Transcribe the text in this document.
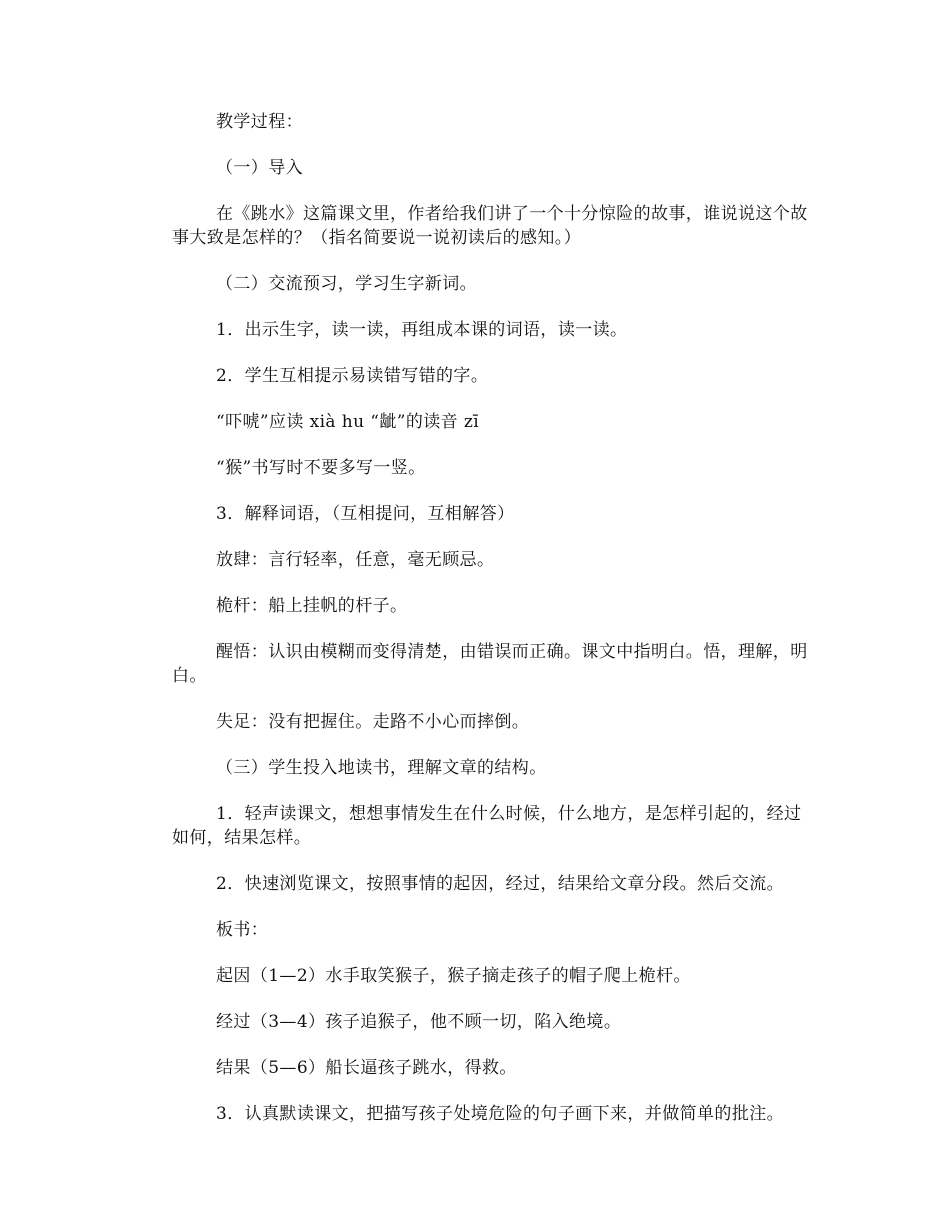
教学过程：

（一）导入

在《跳水》这篇课文里，作者给我们讲了一个十分惊险的故事，谁说说这个故事大致是怎样的？（指名简要说一说初读后的感知。）

（二）交流预习，学习生字新词。

1．出示生字，读一读，再组成本课的词语，读一读。

2．学生互相提示易读错写错的字。

“吓唬”应读 xià hu “龇”的读音 zī

“猴”书写时不要多写一竖。

3．解释词语，（互相提问，互相解答）

放肆：言行轻率，任意，毫无顾忌。

桅杆：船上挂帆的杆子。

醒悟：认识由模糊而变得清楚，由错误而正确。课文中指明白。悟，理解，明白。

失足：没有把握住。走路不小心而摔倒。

（三）学生投入地读书，理解文章的结构。

1．轻声读课文，想想事情发生在什么时候，什么地方，是怎样引起的，经过如何，结果怎样。

2．快速浏览课文，按照事情的起因，经过，结果给文章分段。然后交流。

板书：

起因（1—2）水手取笑猴子，猴子摘走孩子的帽子爬上桅杆。

经过（3—4）孩子追猴子，他不顾一切，陷入绝境。

结果（5—6）船长逼孩子跳水，得救。

3．认真默读课文，把描写孩子处境危险的句子画下来，并做简单的批注。
